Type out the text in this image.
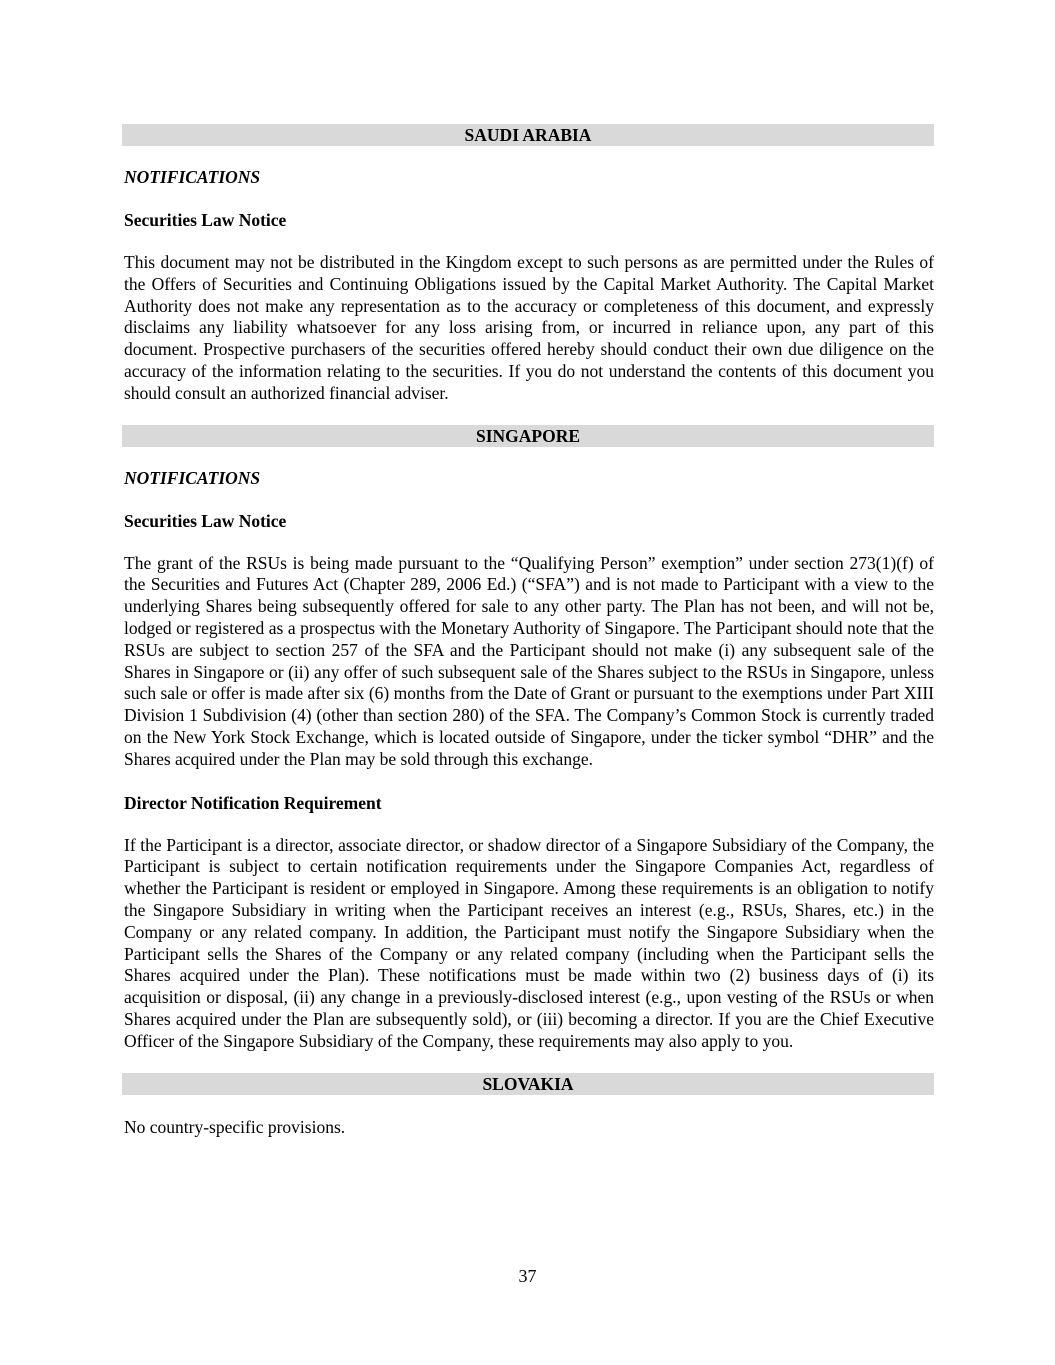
SAUDI ARABIA
NOTIFICATIONS
Securities Law Notice
This document may not be distributed in the Kingdom except to such persons as are permitted under the Rules of the Offers of Securities and Continuing Obligations issued by the Capital Market Authority. The Capital Market Authority does not make any representation as to the accuracy or completeness of this document, and expressly disclaims any liability whatsoever for any loss arising from, or incurred in reliance upon, any part of this document. Prospective purchasers of the securities offered hereby should conduct their own due diligence on the accuracy of the information relating to the securities. If you do not understand the contents of this document you should consult an authorized financial adviser.
SINGAPORE
NOTIFICATIONS
Securities Law Notice
The grant of the RSUs is being made pursuant to the “Qualifying Person” exemption” under section 273(1)(f) of the Securities and Futures Act (Chapter 289, 2006 Ed.) (“SFA”) and is not made to Participant with a view to the underlying Shares being subsequently offered for sale to any other party. The Plan has not been, and will not be, lodged or registered as a prospectus with the Monetary Authority of Singapore. The Participant should note that the RSUs are subject to section 257 of the SFA and the Participant should not make (i) any subsequent sale of the Shares in Singapore or (ii) any offer of such subsequent sale of the Shares subject to the RSUs in Singapore, unless such sale or offer is made after six (6) months from the Date of Grant or pursuant to the exemptions under Part XIII Division 1 Subdivision (4) (other than section 280) of the SFA. The Company’s Common Stock is currently traded on the New York Stock Exchange, which is located outside of Singapore, under the ticker symbol “DHR” and the Shares acquired under the Plan may be sold through this exchange.
Director Notification Requirement
If the Participant is a director, associate director, or shadow director of a Singapore Subsidiary of the Company, the Participant is subject to certain notification requirements under the Singapore Companies Act, regardless of whether the Participant is resident or employed in Singapore. Among these requirements is an obligation to notify the Singapore Subsidiary in writing when the Participant receives an interest (e.g., RSUs, Shares, etc.) in the Company or any related company. In addition, the Participant must notify the Singapore Subsidiary when the Participant sells the Shares of the Company or any related company (including when the Participant sells the Shares acquired under the Plan). These notifications must be made within two (2) business days of (i) its acquisition or disposal, (ii) any change in a previously-disclosed interest (e.g., upon vesting of the RSUs or when Shares acquired under the Plan are subsequently sold), or (iii) becoming a director. If you are the Chief Executive Officer of the Singapore Subsidiary of the Company, these requirements may also apply to you.
SLOVAKIA
No country-specific provisions.
37
